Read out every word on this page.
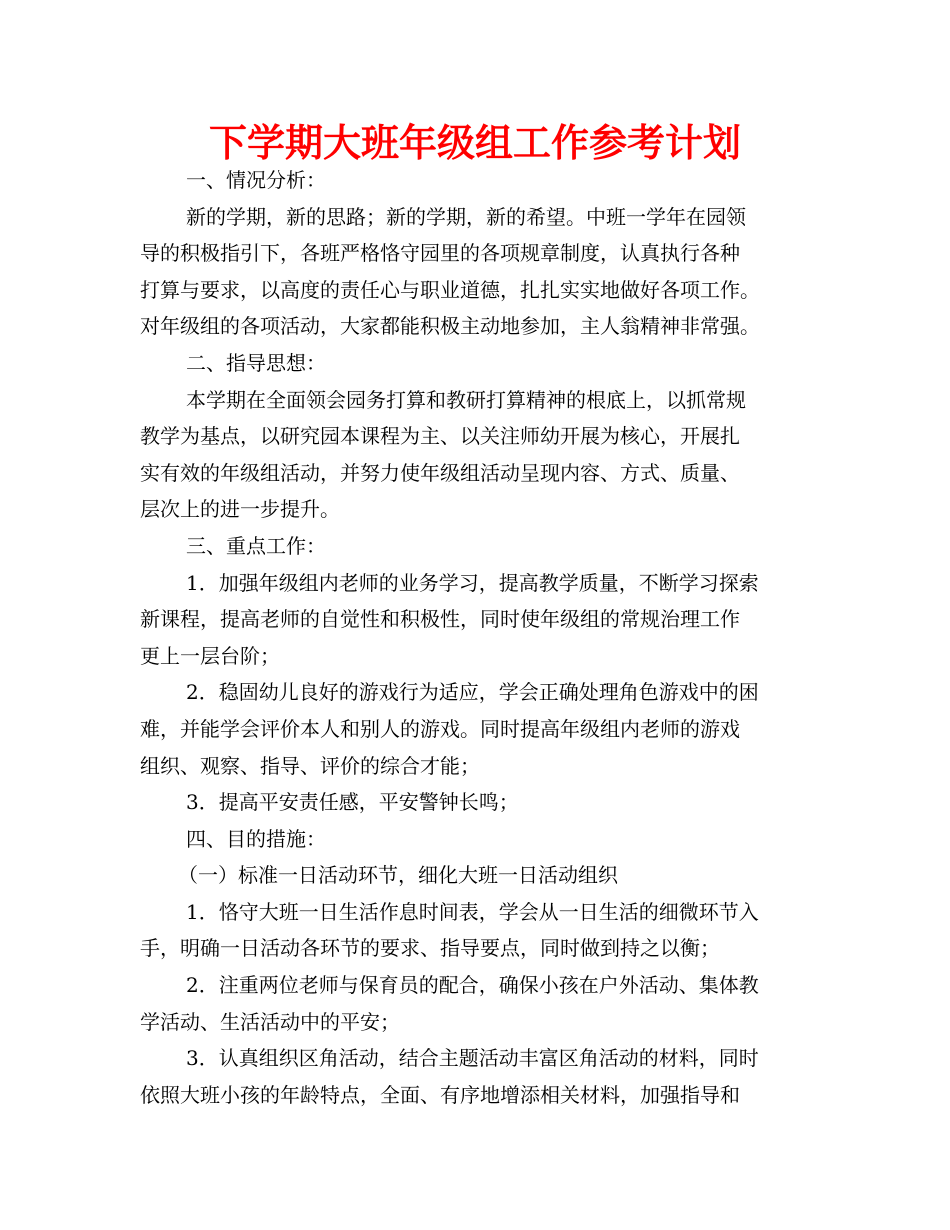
下学期大班年级组工作参考计划
一、情况分析：
新的学期，新的思路；新的学期，新的希望。中班一学年在园领
导的积极指引下，各班严格恪守园里的各项规章制度，认真执行各种
打算与要求，以高度的责任心与职业道德，扎扎实实地做好各项工作。
对年级组的各项活动，大家都能积极主动地参加，主人翁精神非常强。
二、指导思想：
本学期在全面领会园务打算和教研打算精神的根底上，以抓常规
教学为基点，以研究园本课程为主、以关注师幼开展为核心，开展扎
实有效的年级组活动，并努力使年级组活动呈现内容、方式、质量、
层次上的进一步提升。
三、重点工作：
1．加强年级组内老师的业务学习，提高教学质量，不断学习探索
新课程，提高老师的自觉性和积极性，同时使年级组的常规治理工作
更上一层台阶；
2．稳固幼儿良好的游戏行为适应，学会正确处理角色游戏中的困
难，并能学会评价本人和别人的游戏。同时提高年级组内老师的游戏
组织、观察、指导、评价的综合才能；
3．提高平安责任感，平安警钟长鸣；
四、目的措施：
（一）标准一日活动环节，细化大班一日活动组织
1．恪守大班一日生活作息时间表，学会从一日生活的细微环节入
手，明确一日活动各环节的要求、指导要点，同时做到持之以衡；
2．注重两位老师与保育员的配合，确保小孩在户外活动、集体教
学活动、生活活动中的平安；
3．认真组织区角活动，结合主题活动丰富区角活动的材料，同时
依照大班小孩的年龄特点，全面、有序地增添相关材料，加强指导和
